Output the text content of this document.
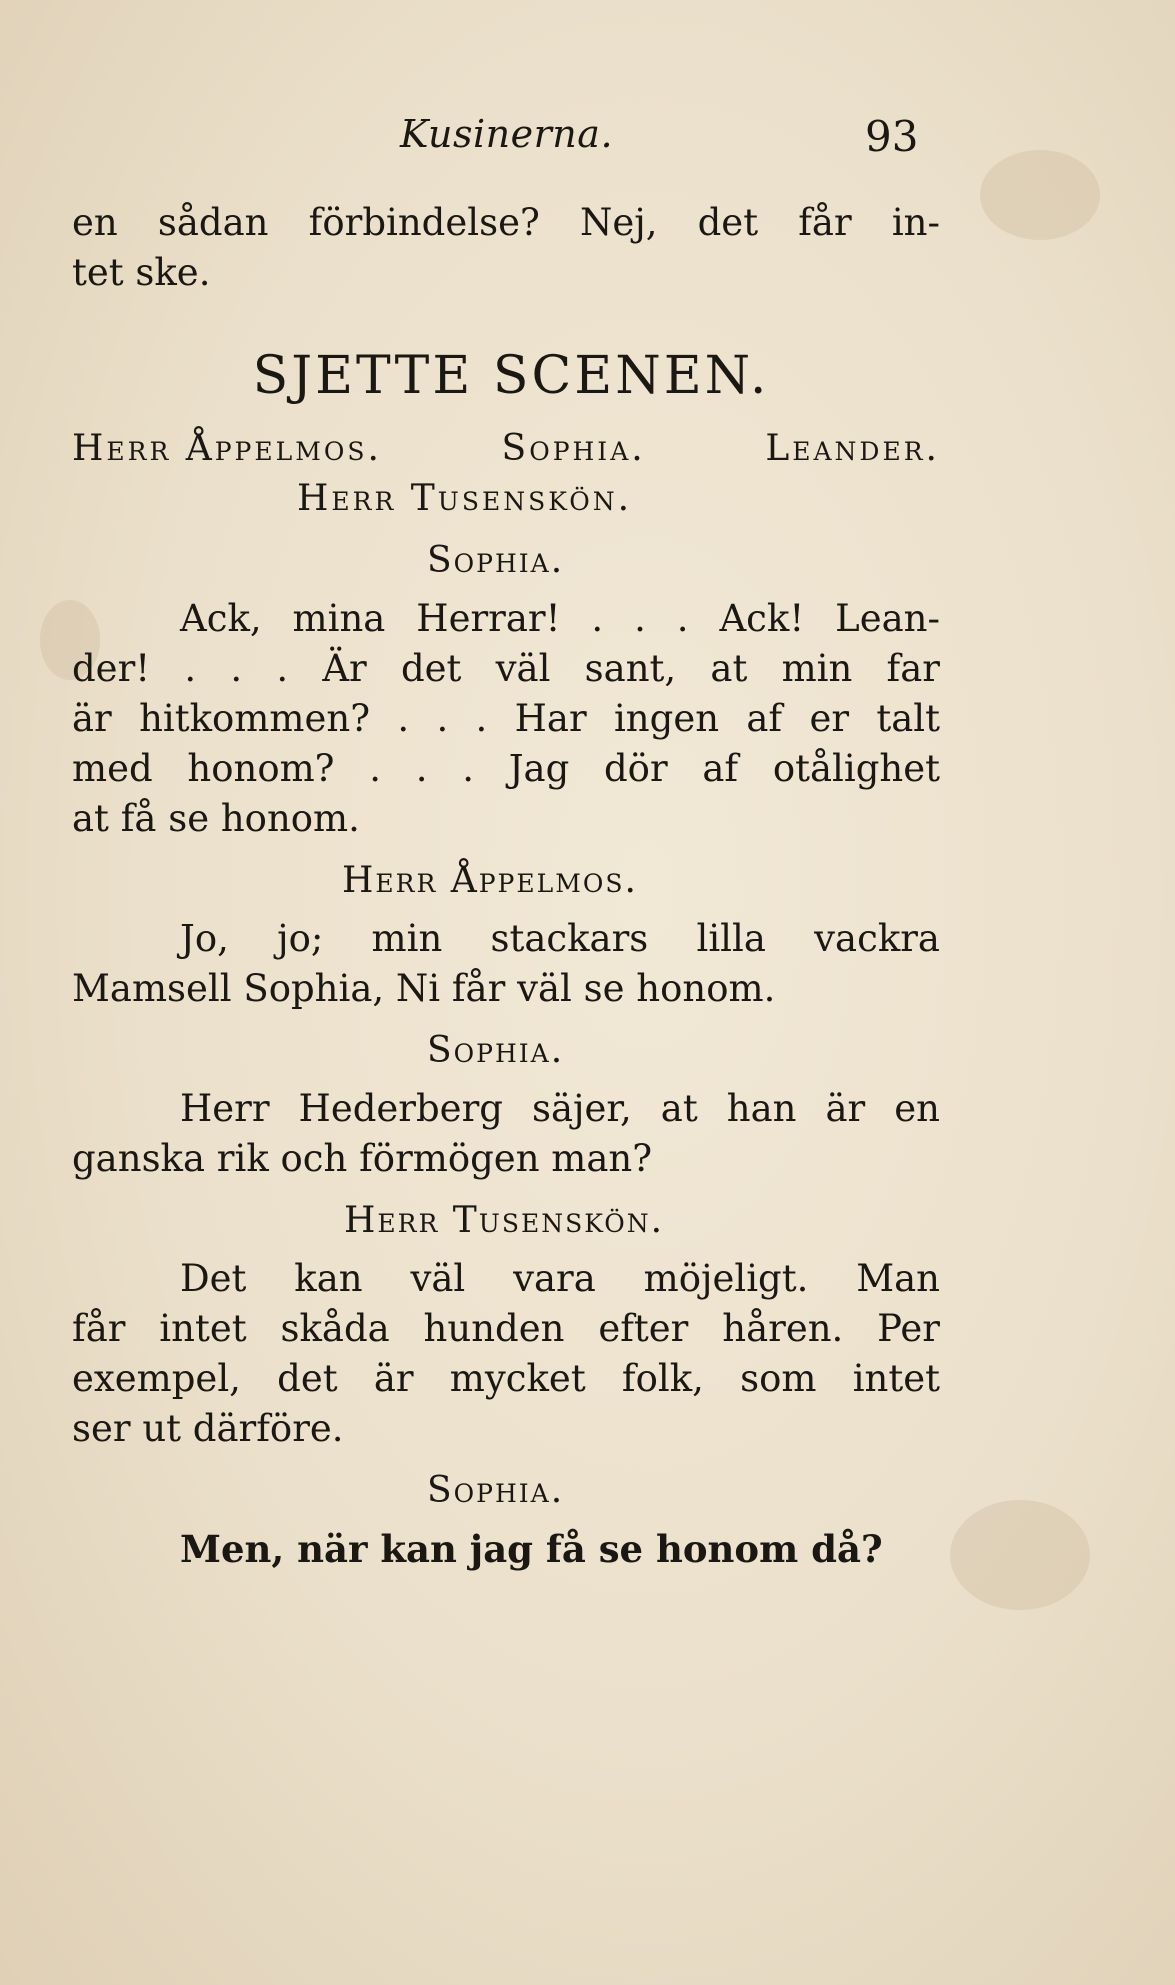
Kusinerna.	93
en sådan förbindelse? Nej, det får in-
tet ske.
SJETTE SCENEN.
Herr Åppelmos.	Sophia.	Leander.
Herr Tusenskön.
Sophia.
Ack, mina Herrar! . . . Ack! Lean-
der! . . . Är det väl sant, at min far
är hitkommen? . . . Har ingen af er talt
med honom? . . . Jag dör af otålighet
at få se honom.
Herr Åppelmos.
Jo, jo; min stackars lilla vackra
Mamsell Sophia, Ni får väl se honom.
Sophia.
Herr Hederberg säjer, at han är en
ganska rik och förmögen man?
Herr Tusenskön.
Det kan väl vara möjeligt. Man
får intet skåda hunden efter håren. Per
exempel, det är mycket folk, som intet
ser ut därföre.
Sophia.
Men, när kan jag få se honom då?
